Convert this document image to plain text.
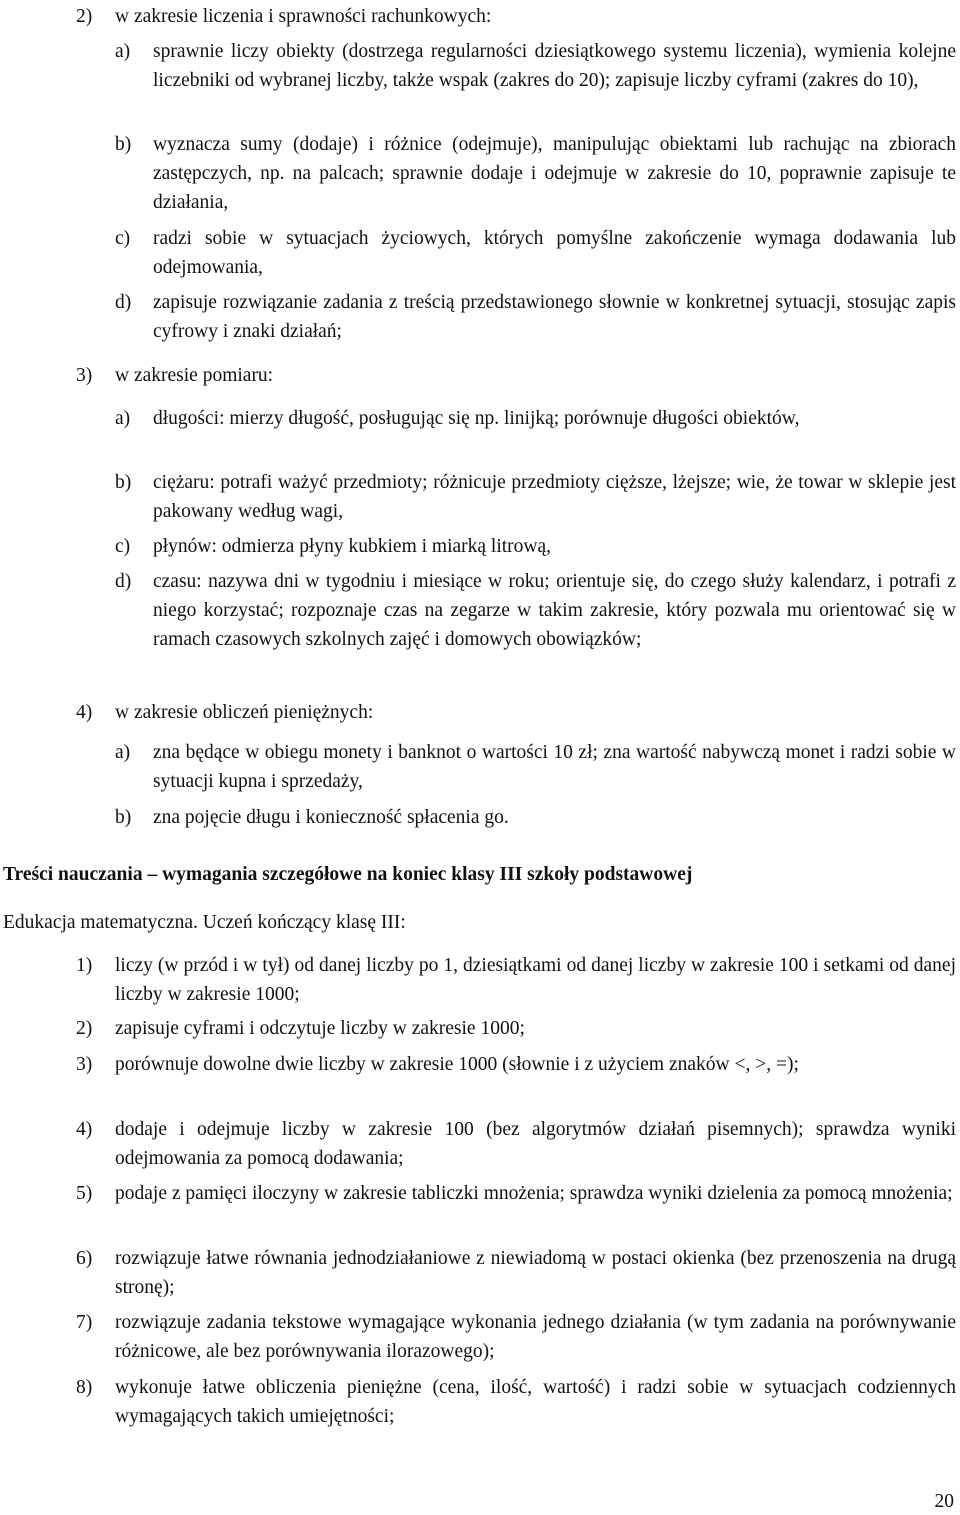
2)	w zakresie liczenia i sprawności rachunkowych:
a)	sprawnie liczy obiekty (dostrzega regularności dziesiątkowego systemu liczenia), wymienia kolejne liczebniki od wybranej liczby, także wspak (zakres do 20); zapisuje liczby cyframi (zakres do 10),
b)	wyznacza sumy (dodaje) i różnice (odejmuje), manipulując obiektami lub rachując na zbiorach zastępczych, np. na palcach; sprawnie dodaje i odejmuje w zakresie do 10, poprawnie zapisuje te działania,
c)	radzi sobie w sytuacjach życiowych, których pomyślne zakończenie wymaga dodawania lub odejmowania,
d)	zapisuje rozwiązanie zadania z treścią przedstawionego słownie w konkretnej sytuacji, stosując zapis cyfrowy i znaki działań;
3)	w zakresie pomiaru:
a)	długości: mierzy długość, posługując się np. linijką; porównuje długości obiektów,
b)	ciężaru: potrafi ważyć przedmioty; różnicuje przedmioty cięższe, lżejsze; wie, że towar w sklepie jest pakowany według wagi,
c)	płynów: odmierza płyny kubkiem i miarką litrową,
d)	czasu: nazywa dni w tygodniu i miesiące w roku; orientuje się, do czego służy kalendarz, i potrafi z niego korzystać; rozpoznaje czas na zegarze w takim zakresie, który pozwala mu orientować się w ramach czasowych szkolnych zajęć i domowych obowiązków;
4)	w zakresie obliczeń pieniężnych:
a)	zna będące w obiegu monety i banknot o wartości 10 zł; zna wartość nabywczą monet i radzi sobie w sytuacji kupna i sprzedaży,
b)	zna pojęcie długu i konieczność spłacenia go.
Treści nauczania – wymagania szczegółowe na koniec klasy III szkoły podstawowej
Edukacja matematyczna. Uczeń kończący klasę III:
1)	liczy (w przód i w tył) od danej liczby po 1, dziesiątkami od danej liczby w zakresie 100 i setkami od danej liczby w zakresie 1000;
2)	zapisuje cyframi i odczytuje liczby w zakresie 1000;
3)	porównuje dowolne dwie liczby w zakresie 1000 (słownie i z użyciem znaków <, >, =);
4)	dodaje i odejmuje liczby w zakresie 100 (bez algorytmów działań pisemnych); sprawdza wyniki odejmowania za pomocą dodawania;
5)	podaje z pamięci iloczyny w zakresie tabliczki mnożenia; sprawdza wyniki dzielenia za pomocą mnożenia;
6)	rozwiązuje łatwe równania jednodziałaniowe z niewiadomą w postaci okienka (bez przenoszenia na drugą stronę);
7)	rozwiązuje zadania tekstowe wymagające wykonania jednego działania (w tym zadania na porównywanie różnicowe, ale bez porównywania ilorazowego);
8)	wykonuje łatwe obliczenia pieniężne (cena, ilość, wartość) i radzi sobie w sytuacjach codziennych wymagających takich umiejętności;
20
